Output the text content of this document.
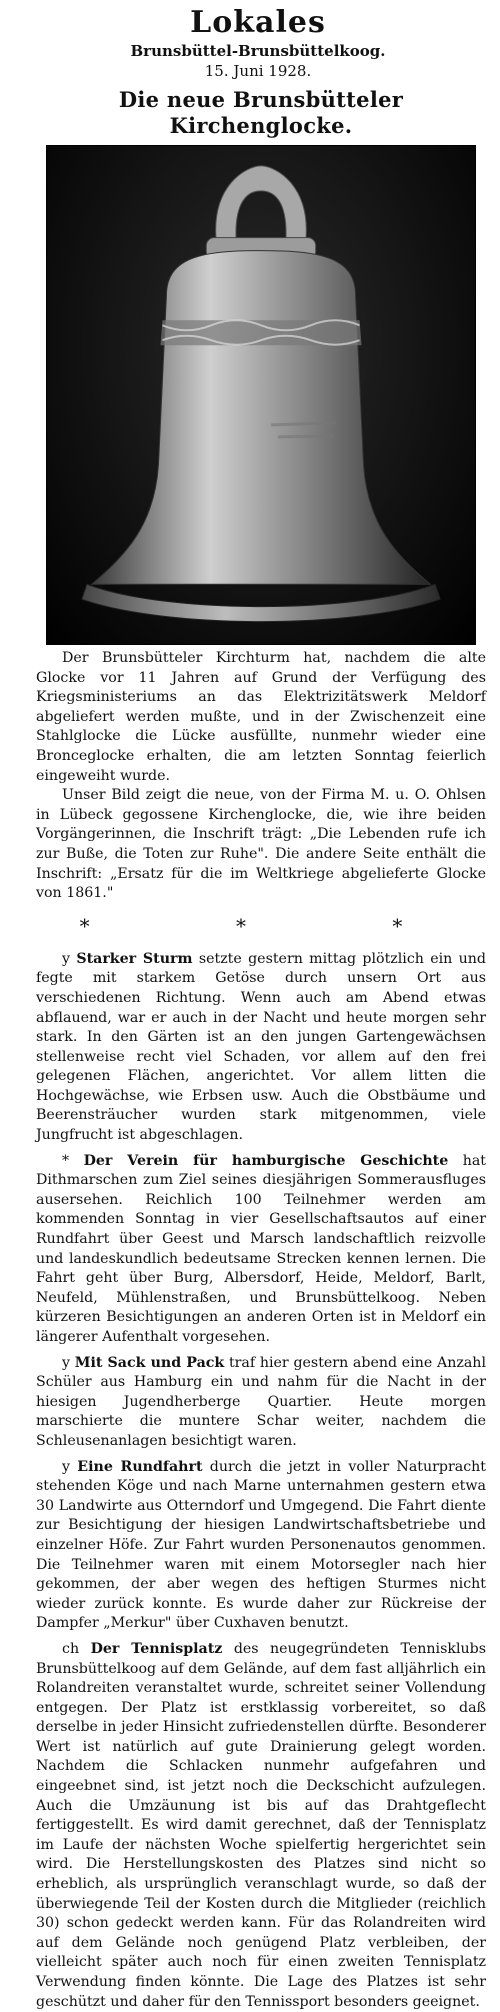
Lokales
Brunsbüttel-Brunsbüttelkoog.
15. Juni 1928.
Die neue Brunsbütteler Kirchenglocke.

Der Brunsbütteler Kirchturm hat, nachdem die alte Glocke vor 11 Jahren auf Grund der Verfügung des Kriegsministeriums an das Elektrizitätswerk Meldorf abgeliefert werden mußte, und in der Zwischenzeit eine Stahlglocke die Lücke ausfüllte, nunmehr wieder eine Bronceglocke erhalten, die am letzten Sonntag feierlich eingeweiht wurde.

Unser Bild zeigt die neue, von der Firma M. u. O. Ohlsen in Lübeck gegossene Kirchenglocke, die, wie ihre beiden Vorgängerinnen, die Inschrift trägt: „Die Lebenden rufe ich zur Buße, die Toten zur Ruhe". Die andere Seite enthält die Inschrift: „Ersatz für die im Weltkriege abgelieferte Glocke von 1861."

* * *

y Starker Sturm setzte gestern mittag plötzlich ein und fegte mit starkem Getöse durch unsern Ort aus verschiedenen Richtung. Wenn auch am Abend etwas abflauend, war er auch in der Nacht und heute morgen sehr stark. In den Gärten ist an den jungen Gartengewächsen stellenweise recht viel Schaden, vor allem auf den frei gelegenen Flächen, angerichtet. Vor allem litten die Hochgewächse, wie Erbsen usw. Auch die Obstbäume und Beerensträucher wurden stark mitgenommen, viele Jungfrucht ist abgeschlagen.

* Der Verein für hamburgische Geschichte hat Dithmarschen zum Ziel seines diesjährigen Sommerausfluges ausersehen. Reichlich 100 Teilnehmer werden am kommenden Sonntag in vier Gesellschaftsautos auf einer Rundfahrt über Geest und Marsch landschaftlich reizvolle und landeskundlich bedeutsame Strecken kennen lernen. Die Fahrt geht über Burg, Albersdorf, Heide, Meldorf, Barlt, Neufeld, Mühlenstraßen, und Brunsbüttelkoog. Neben kürzeren Besichtigungen an anderen Orten ist in Meldorf ein längerer Aufenthalt vorgesehen.

y Mit Sack und Pack traf hier gestern abend eine Anzahl Schüler aus Hamburg ein und nahm für die Nacht in der hiesigen Jugendherberge Quartier. Heute morgen marschierte die muntere Schar weiter, nachdem die Schleusenanlagen besichtigt waren.

y Eine Rundfahrt durch die jetzt in voller Naturpracht stehenden Köge und nach Marne unternahmen gestern etwa 30 Landwirte aus Otterndorf und Umgegend. Die Fahrt diente zur Besichtigung der hiesigen Landwirtschaftsbetriebe und einzelner Höfe. Zur Fahrt wurden Personenautos genommen. Die Teilnehmer waren mit einem Motorsegler nach hier gekommen, der aber wegen des heftigen Sturmes nicht wieder zurück konnte. Es wurde daher zur Rückreise der Dampfer „Merkur" über Cuxhaven benutzt.

ch Der Tennisplatz des neugegründeten Tennisklubs Brunsbüttelkoog auf dem Gelände, auf dem fast alljährlich ein Rolandreiten veranstaltet wurde, schreitet seiner Vollendung entgegen. Der Platz ist erstklassig vorbereitet, so daß derselbe in jeder Hinsicht zufriedenstellen dürfte. Besonderer Wert ist natürlich auf gute Drainierung gelegt worden. Nachdem die Schlacken nunmehr aufgefahren und eingeebnet sind, ist jetzt noch die Deckschicht aufzulegen. Auch die Umzäunung ist bis auf das Drahtgeflecht fertiggestellt. Es wird damit gerechnet, daß der Tennisplatz im Laufe der nächsten Woche spielfertig hergerichtet sein wird. Die Herstellungskosten des Platzes sind nicht so erheblich, als ursprünglich veranschlagt wurde, so daß der überwiegende Teil der Kosten durch die Mitglieder (reichlich 30) schon gedeckt werden kann. Für das Rolandreiten wird auf dem Gelände noch genügend Platz verbleiben, der vielleicht später auch noch für einen zweiten Tennisplatz Verwendung finden könnte. Die Lage des Platzes ist sehr geschützt und daher für den Tennissport besonders geeignet.
